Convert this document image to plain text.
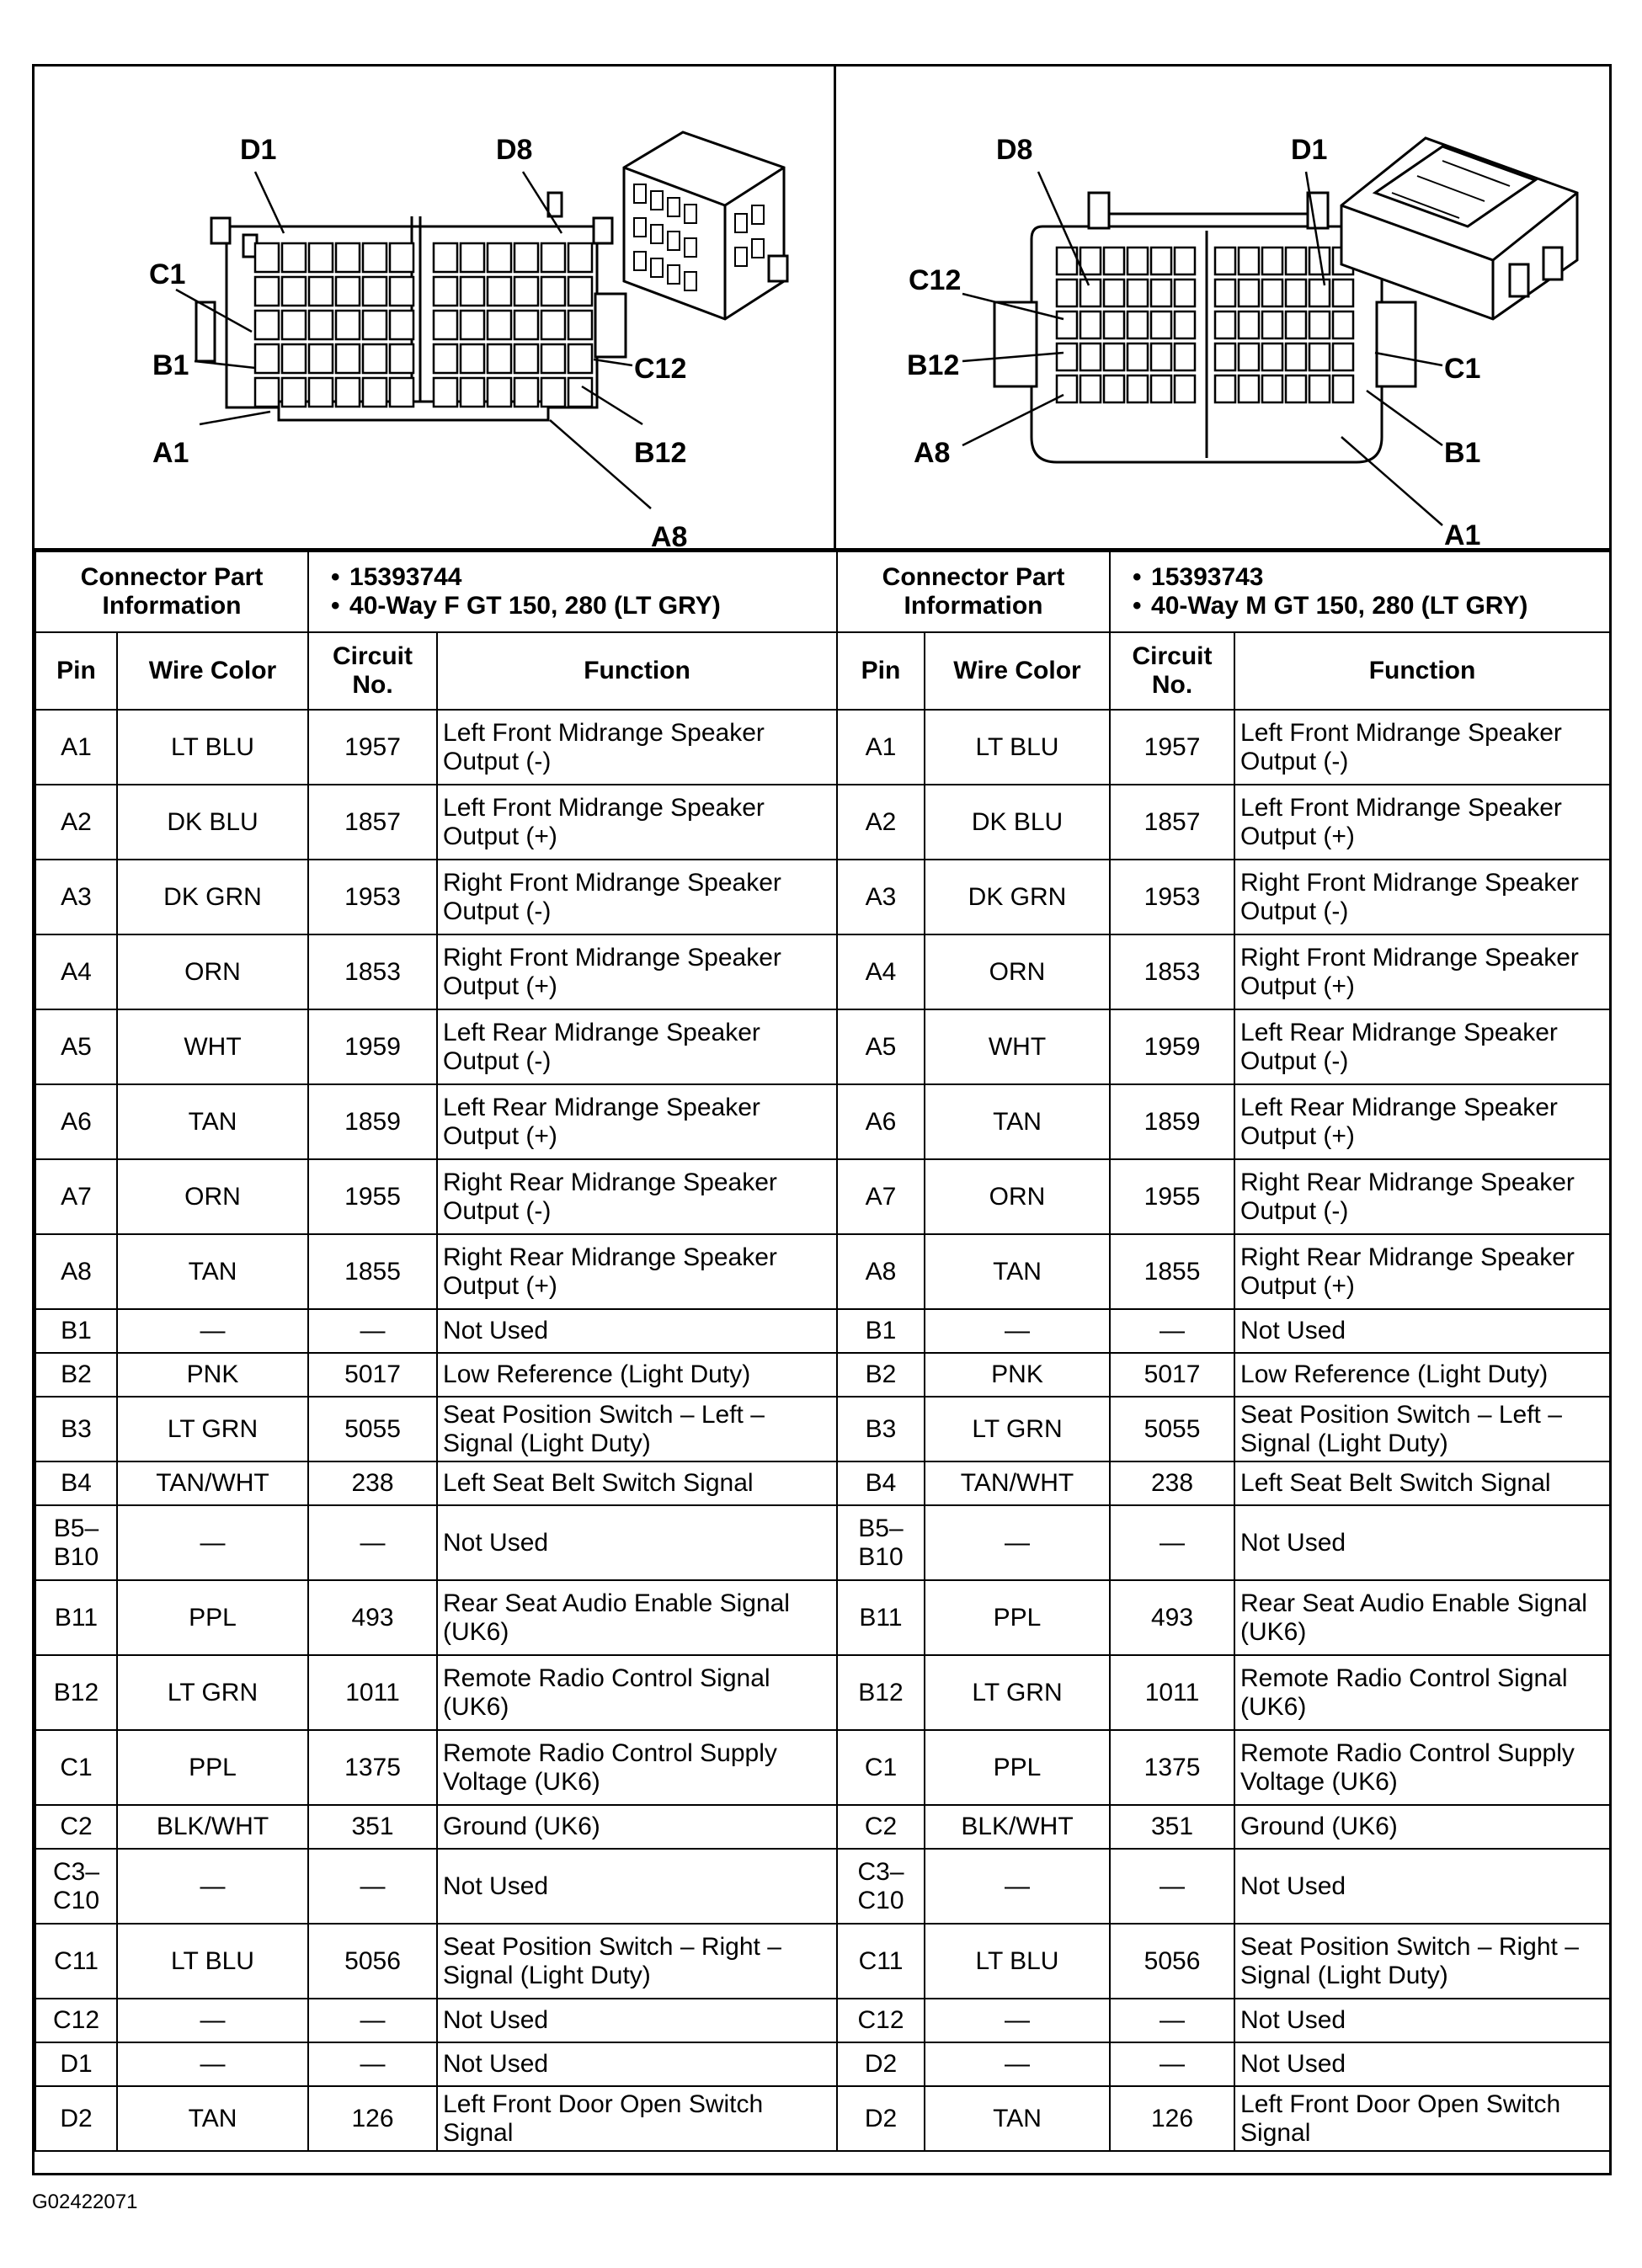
D1	D8
C1
B1
A1
C12
B12
A8
D8	D1
C12
B12
A8
C1
B1
A1
Connector Part Information		• 15393744
• 40-Way F GT 150, 280 (LT GRY)

Pin	Wire Color	Circuit No.	Function
A1	LT BLU	1957	Left Front Midrange Speaker Output (-)
A2	DK BLU	1857	Left Front Midrange Speaker Output (+)
A3	DK GRN	1953	Right Front Midrange Speaker Output (-)
A4	ORN	1853	Right Front Midrange Speaker Output (+)
A5	WHT	1959	Left Rear Midrange Speaker Output (-)
A6	TAN	1859	Left Rear Midrange Speaker Output (+)
A7	ORN	1955	Right Rear Midrange Speaker Output (-)
A8	TAN	1855	Right Rear Midrange Speaker Output (+)
B1	—	—	Not Used
B2	PNK	5017	Low Reference (Light Duty)
B3	LT GRN	5055	Seat Position Switch – Left – Signal (Light Duty)
B4	TAN/WHT	238	Left Seat Belt Switch Signal
B5–B10	—	—	Not Used
B11	PPL	493	Rear Seat Audio Enable Signal (UK6)
B12	LT GRN	1011	Remote Radio Control Signal (UK6)
C1	PPL	1375	Remote Radio Control Supply Voltage (UK6)
C2	BLK/WHT	351	Ground (UK6)
C3–C10	—	—	Not Used
C11	LT BLU	5056	Seat Position Switch – Right – Signal (Light Duty)
C12	—	—	Not Used
D1	—	—	Not Used
D2	TAN	126	Left Front Door Open Switch Signal
Connector Part Information		• 15393743
• 40-Way M GT 150, 280 (LT GRY)

Pin	Wire Color	Circuit No.	Function
A1	LT BLU	1957	Left Front Midrange Speaker Output (-)
A2	DK BLU	1857	Left Front Midrange Speaker Output (+)
A3	DK GRN	1953	Right Front Midrange Speaker Output (-)
A4	ORN	1853	Right Front Midrange Speaker Output (+)
A5	WHT	1959	Left Rear Midrange Speaker Output (-)
A6	TAN	1859	Left Rear Midrange Speaker Output (+)
A7	ORN	1955	Right Rear Midrange Speaker Output (-)
A8	TAN	1855	Right Rear Midrange Speaker Output (+)
B1	—	—	Not Used
B2	PNK	5017	Low Reference (Light Duty)
B3	LT GRN	5055	Seat Position Switch – Left – Signal (Light Duty)
B4	TAN/WHT	238	Left Seat Belt Switch Signal
B5–B10	—	—	Not Used
B11	PPL	493	Rear Seat Audio Enable Signal (UK6)
B12	LT GRN	1011	Remote Radio Control Signal (UK6)
C1	PPL	1375	Remote Radio Control Supply Voltage (UK6)
C2	BLK/WHT	351	Ground (UK6)
C3–C10	—	—	Not Used
C11	LT BLU	5056	Seat Position Switch – Right – Signal (Light Duty)
C12	—	—	Not Used
D2	—	—	Not Used
D2	TAN	126	Left Front Door Open Switch Signal
G02422071
